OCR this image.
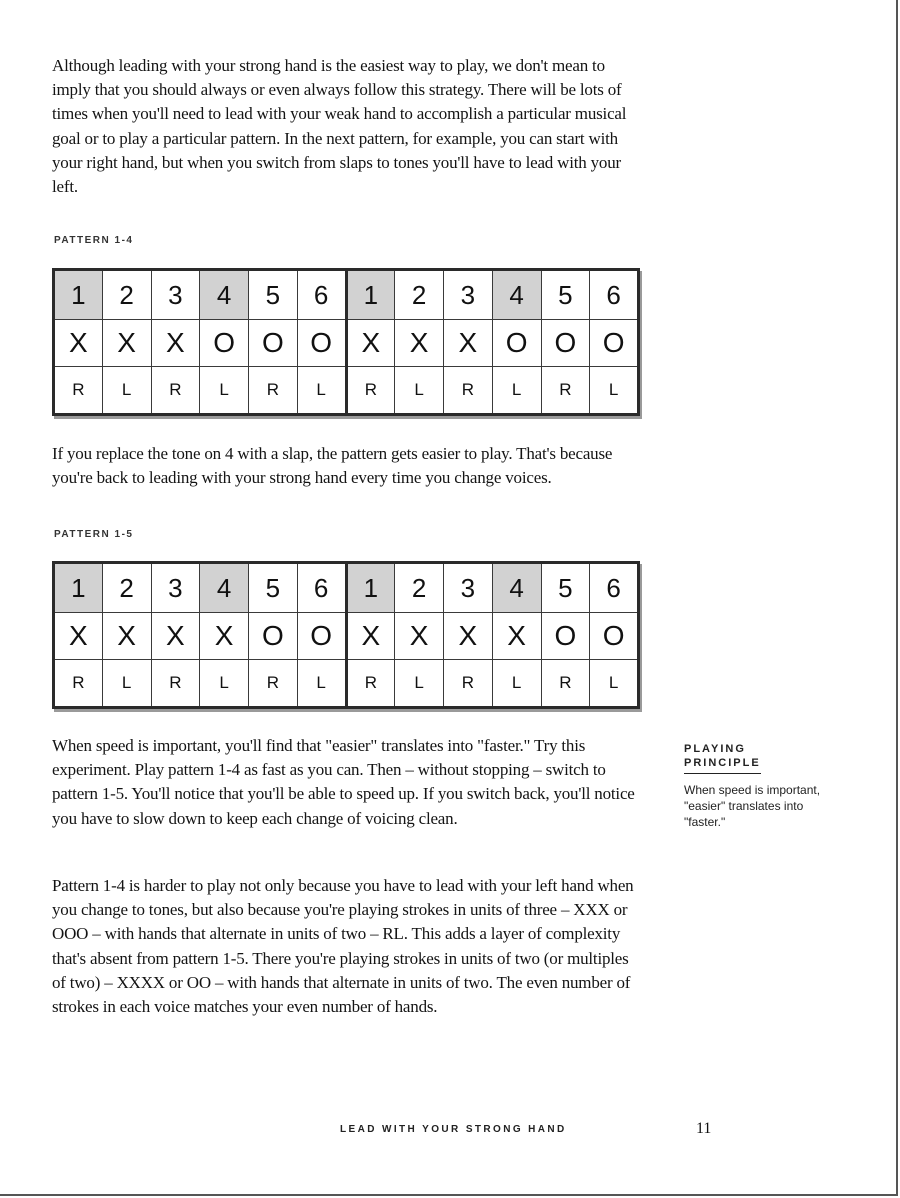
Although leading with your strong hand is the easiest way to play, we don't mean to imply that you should always or even always follow this strategy. There will be lots of times when you'll need to lead with your weak hand to accomplish a particular musical goal or to play a particular pattern. In the next pattern, for example, you can start with your right hand, but when you switch from slaps to tones you'll have to lead with your left.

PATTERN 1-4
1	2	3	4	5	6	1	2	3	4	5	6
X	X	X	O	O	O	X	X	X	O	O	O
R	L	R	L	R	L	R	L	R	L	R	L

If you replace the tone on 4 with a slap, the pattern gets easier to play. That's because you're back to leading with your strong hand every time you change voices.

PATTERN 1-5
1	2	3	4	5	6	1	2	3	4	5	6
X	X	X	X	O	O	X	X	X	X	O	O
R	L	R	L	R	L	R	L	R	L	R	L

When speed is important, you'll find that "easier" translates into "faster." Try this experiment. Play pattern 1-4 as fast as you can. Then – without stopping – switch to pattern 1-5. You'll notice that you'll be able to speed up. If you switch back, you'll notice you have to slow down to keep each change of voicing clean.

Pattern 1-4 is harder to play not only because you have to lead with your left hand when you change to tones, but also because you're playing strokes in units of three – XXX or OOO – with hands that alternate in units of two – RL. This adds a layer of complexity that's absent from pattern 1-5. There you're playing strokes in units of two (or multiples of two) – XXXX or OO – with hands that alternate in units of two. The even number of strokes in each voice matches your even number of hands.

PLAYING
PRINCIPLE
When speed is important, "easier" translates into "faster."
LEAD WITH YOUR STRONG HAND	11
